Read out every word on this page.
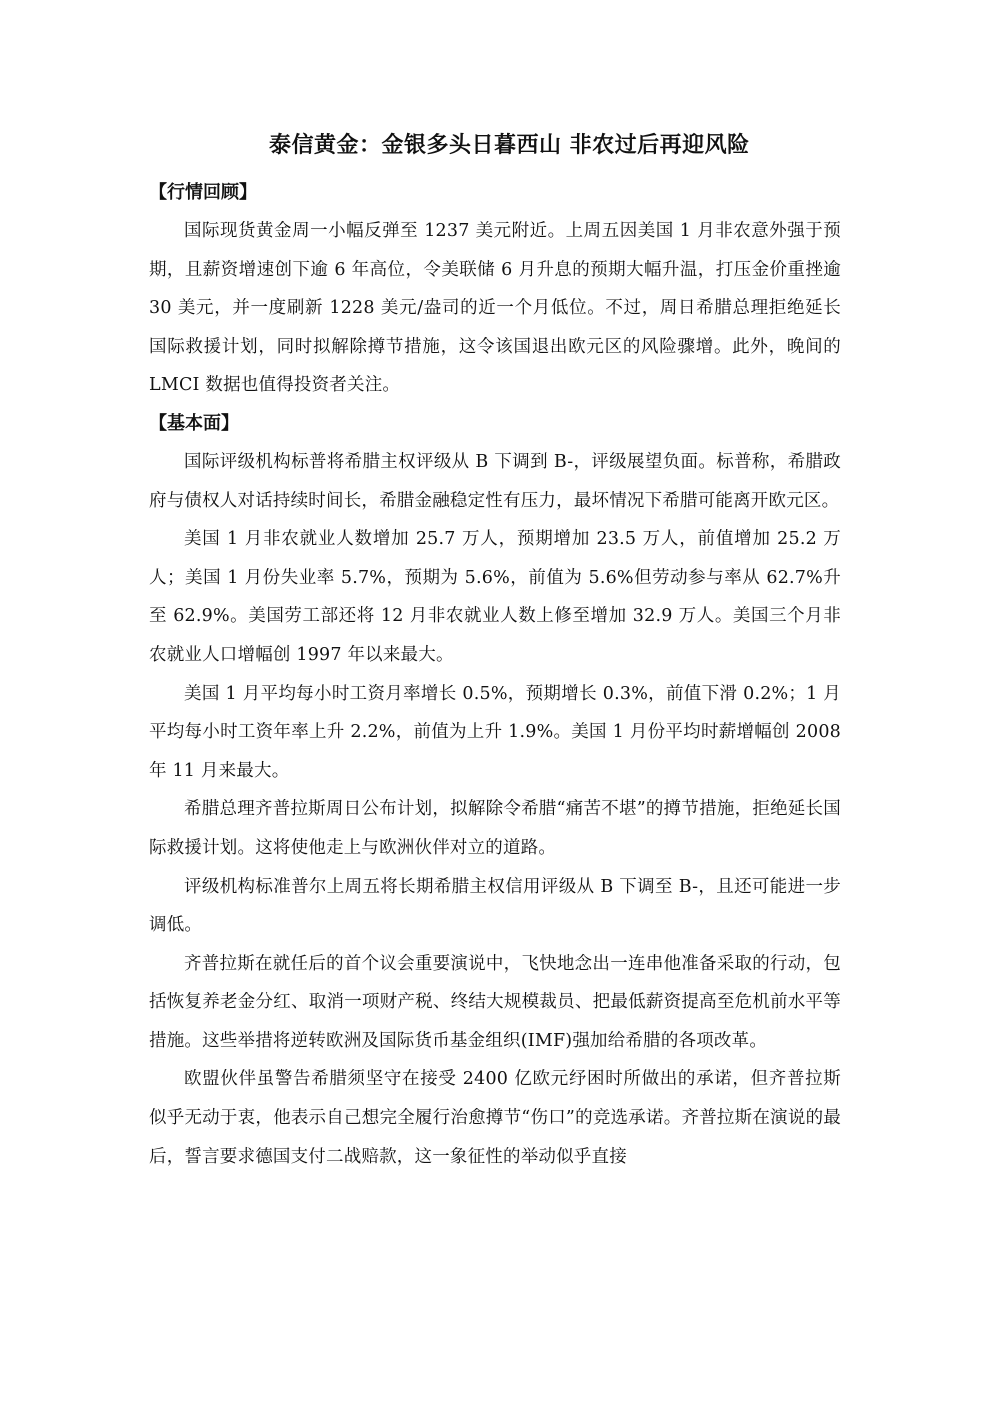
泰信黄金：金银多头日暮西山 非农过后再迎风险
【行情回顾】

国际现货黄金周一小幅反弹至 1237 美元附近。上周五因美国 1 月非农意外强于预期，且薪资增速创下逾 6 年高位，令美联储 6 月升息的预期大幅升温，打压金价重挫逾 30 美元，并一度刷新 1228 美元/盎司的近一个月低位。不过，周日希腊总理拒绝延长国际救援计划，同时拟解除撙节措施，这令该国退出欧元区的风险骤增。此外，晚间的 LMCI 数据也值得投资者关注。

【基本面】

国际评级机构标普将希腊主权评级从 B 下调到 B-，评级展望负面。标普称，希腊政府与债权人对话持续时间长，希腊金融稳定性有压力，最坏情况下希腊可能离开欧元区。

美国 1 月非农就业人数增加 25.7 万人，预期增加 23.5 万人，前值增加 25.2 万人；美国 1 月份失业率 5.7%，预期为 5.6%，前值为 5.6%但劳动参与率从 62.7%升至 62.9%。美国劳工部还将 12 月非农就业人数上修至增加 32.9 万人。美国三个月非农就业人口增幅创 1997 年以来最大。

美国 1 月平均每小时工资月率增长 0.5%，预期增长 0.3%，前值下滑 0.2%；1 月平均每小时工资年率上升 2.2%，前值为上升 1.9%。美国 1 月份平均时薪增幅创 2008 年 11 月来最大。

希腊总理齐普拉斯周日公布计划，拟解除令希腊“痛苦不堪”的撙节措施，拒绝延长国际救援计划。这将使他走上与欧洲伙伴对立的道路。

评级机构标准普尔上周五将长期希腊主权信用评级从 B 下调至 B-，且还可能进一步调低。

齐普拉斯在就任后的首个议会重要演说中，飞快地念出一连串他准备采取的行动，包括恢复养老金分红、取消一项财产税、终结大规模裁员、把最低薪资提高至危机前水平等措施。这些举措将逆转欧洲及国际货币基金组织(IMF)强加给希腊的各项改革。

欧盟伙伴虽警告希腊须坚守在接受 2400 亿欧元纾困时所做出的承诺，但齐普拉斯似乎无动于衷，他表示自己想完全履行治愈撙节“伤口”的竞选承诺。齐普拉斯在演说的最后，誓言要求德国支付二战赔款，这一象征性的举动似乎直接
